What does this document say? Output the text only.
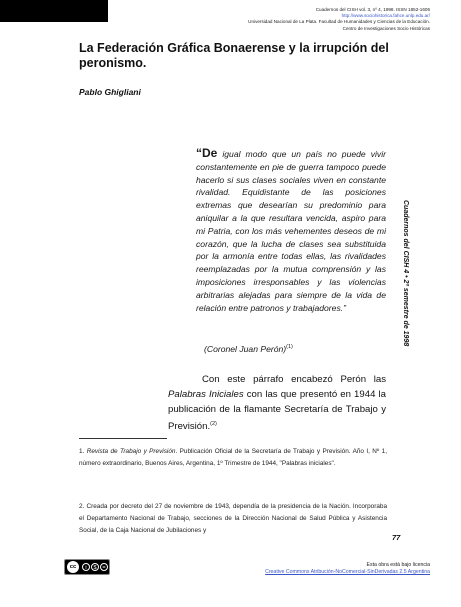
Cuadernos del CISH vol. 3, nº 4, 1998. ISSN 1852-1606
http://www.sociohistorica.fahce.unlp.edu.ar/
Universidad Nacional de La Plata. Facultad de Humanidades y Ciencias de la Educación.
Centro de Investigaciones Socio Históricas
La Federación Gráfica Bonaerense y la irrupción del peronismo.
Pablo Ghigliani
“De igual modo que un país no puede vivir constantemente en pie de guerra tampoco puede hacerlo si sus clases sociales viven en constante rivalidad. Equidistante de las posiciones extremas que desearían su predominio para aniquilar a la que resultara vencida, aspiro para mi Patria, con los más vehementes deseos de mi corazón, que la lucha de clases sea substituida por la armonía entre todas ellas, las rivalidades reemplazadas por la mutua comprensión y las imposiciones irresponsables y las violencias arbitrarias alejadas para siempre de la vida de relación entre patronos y trabajadores.”
(Coronel Juan Perón)$^{(1)}$
Con este párrafo encabezó Perón las Palabras Iniciales con las que presentó en 1944 la publicación de la flamante Secretaría de Trabajo y Previsión.$^{(2)}$
1. Revista de Trabajo y Previsión. Publicación Oficial de la Secretaría de Trabajo y Previsión. Año I, Nº 1, número extraordinario, Buenos Aires, Argentina, 1º Trimestre de 1944, "Palabras iniciales".
2. Creada por decreto del 27 de noviembre de 1943, dependía de la presidencia de la Nación. Incorporaba el Departamento Nacional de Trabajo, secciones de la Dirección Nacional de Salud Pública y Asistencia Social, de la Caja Nacional de Jubilaciones y
Cuadernos del CISH 4 • 2º semestre de 1998
77
cc	i	$	=	Esta obra está bajo licencia
Creative Commons Atribución-NoComercial-SinDerivadas 2.5 Argentina
